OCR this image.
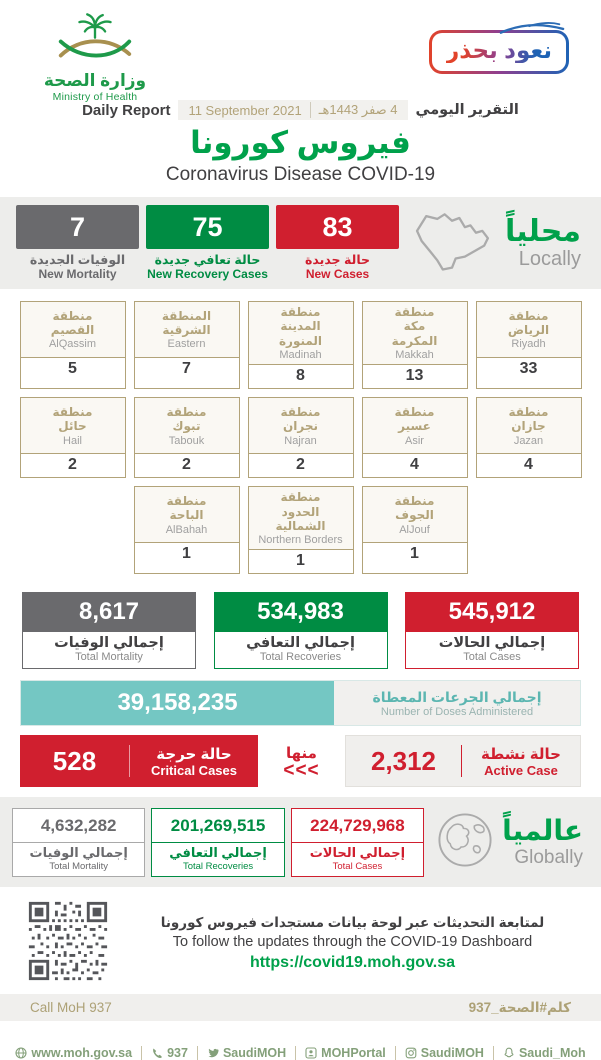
وزارة الصحة
Ministry of Health
نعود بحذر
Daily Report 11 September 2021	4 صفر 1443هـ التقرير اليومي
فيروس كورونا
Coronavirus Disease COVID-19
7
الوفيات الجديدة
New Mortality
75
حالة تعافي جديدة
New Recovery Cases
83
حالة جديدة
New Cases
محلياً
Locally
منطقة القصيم
AlQassim
5
المنطقة الشرقية
Eastern
7
منطقة المدينة المنورة
Madinah
8
منطقة مكة المكرمة
Makkah
13
منطقة الرياض
Riyadh
33
منطقة حائل
Hail
2
منطقة تبوك
Tabouk
2
منطقة نجران
Najran
2
منطقة عسير
Asir
4
منطقة جازان
Jazan
4
منطقة الباحة
AlBahah
1
منطقة الحدود الشمالية
Northern Borders
1
منطقة الجوف
AlJouf
1
8,617
إجمالي الوفيات
Total Mortality
534,983
إجمالي التعافي
Total Recoveries
545,912
إجمالي الحالات
Total Cases
39,158,235	إجمالي الجرعات المعطاة
Number of Doses Administered
528	حالة حرجة
Critical Cases
منها
<<<	2,312	حالة نشطة
Active Case
4,632,282
إجمالي الوفيات
Total Mortality
201,269,515
إجمالي التعافي
Total Recoveries
224,729,968
إجمالي الحالات
Total Cases
عالمياً
Globally
لمتابعة التحديثات عبر لوحة بيانات مستجدات فيروس كورونا
To follow the updates through the COVID-19 Dashboard
https://covid19.moh.gov.sa
Call MoH 937	كلم#الصحة_937
www.moh.gov.sa	937	SaudiMOH	MOHPortal	SaudiMOH	Saudi_Moh
